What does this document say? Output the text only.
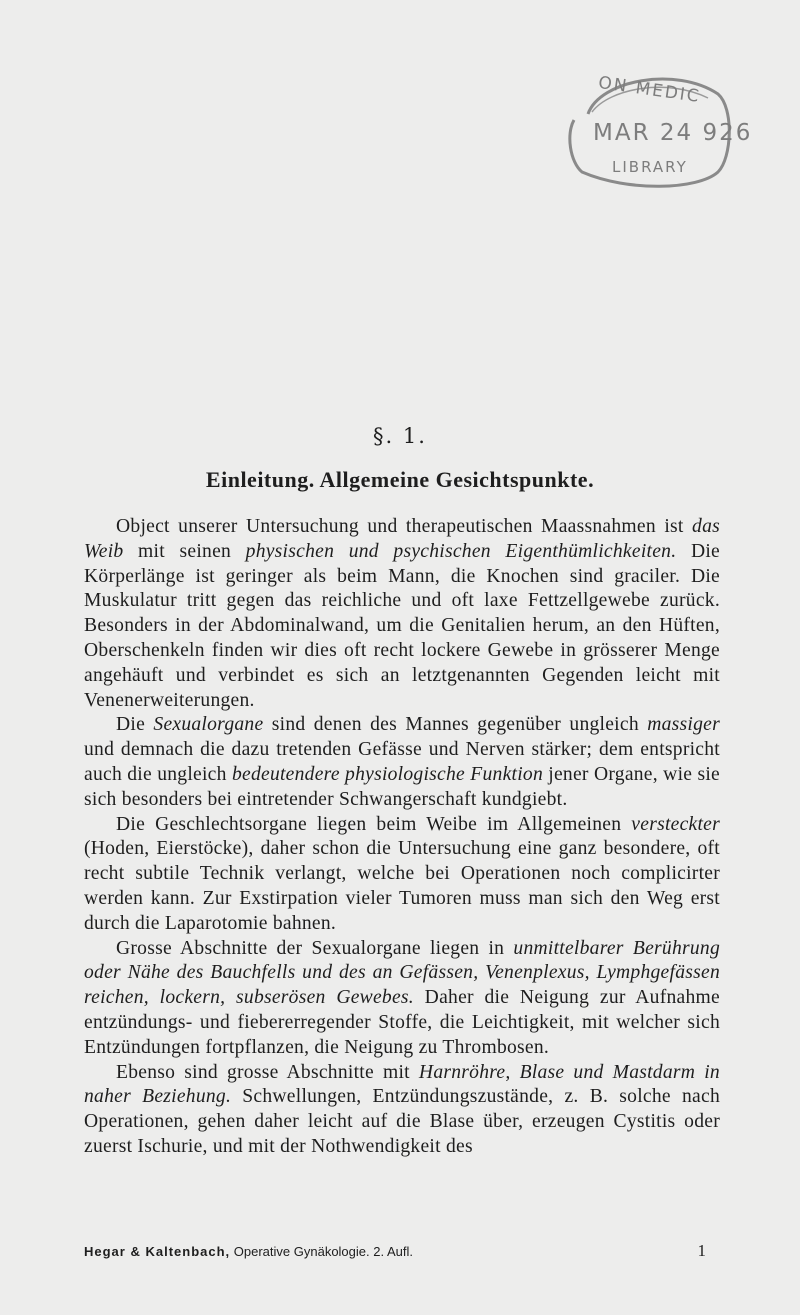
ON MEDIC
MAR 24 926
LIBRARY
§. 1.
Einleitung. Allgemeine Gesichtspunkte.

Object unserer Untersuchung und therapeutischen Maassnahmen ist das Weib mit seinen physischen und psychischen Eigenthümlichkeiten. Die Körperlänge ist geringer als beim Mann, die Knochen sind graciler. Die Muskulatur tritt gegen das reichliche und oft laxe Fettzellgewebe zurück. Besonders in der Abdominalwand, um die Genitalien herum, an den Hüften, Oberschenkeln finden wir dies oft recht lockere Gewebe in grösserer Menge angehäuft und verbindet es sich an letztgenannten Gegenden leicht mit Venenerweiterungen.

Die Sexualorgane sind denen des Mannes gegenüber ungleich massiger und demnach die dazu tretenden Gefässe und Nerven stärker; dem entspricht auch die ungleich bedeutendere physiologische Funktion jener Organe, wie sie sich besonders bei eintretender Schwangerschaft kundgiebt.

Die Geschlechtsorgane liegen beim Weibe im Allgemeinen versteckter (Hoden, Eierstöcke), daher schon die Untersuchung eine ganz besondere, oft recht subtile Technik verlangt, welche bei Operationen noch complicirter werden kann. Zur Exstirpation vieler Tumoren muss man sich den Weg erst durch die Laparotomie bahnen.

Grosse Abschnitte der Sexualorgane liegen in unmittelbarer Berührung oder Nähe des Bauchfells und des an Gefässen, Venenplexus, Lymphgefässen reichen, lockern, subserösen Gewebes. Daher die Neigung zur Aufnahme entzündungs- und fiebererregender Stoffe, die Leichtigkeit, mit welcher sich Entzündungen fortpflanzen, die Neigung zu Thrombosen.

Ebenso sind grosse Abschnitte mit Harnröhre, Blase und Mastdarm in naher Beziehung. Schwellungen, Entzündungszustände, z. B. solche nach Operationen, gehen daher leicht auf die Blase über, erzeugen Cystitis oder zuerst Ischurie, und mit der Nothwendigkeit des

Hegar & Kaltenbach, Operative Gynäkologie. 2. Aufl.	1
